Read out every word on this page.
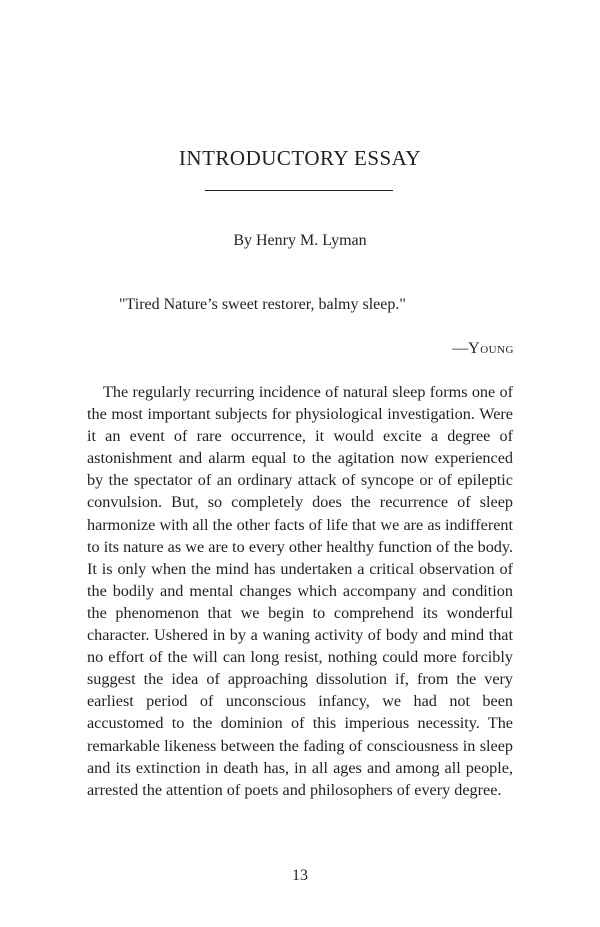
INTRODUCTORY ESSAY
By Henry M. Lyman
"Tired Nature’s sweet restorer, balmy sleep."
—Young
The regularly recurring incidence of natural sleep forms one of the most important subjects for physiological investigation. Were it an event of rare occurrence, it would excite a degree of astonishment and alarm equal to the agitation now experienced by the spectator of an ordinary attack of syncope or of epileptic convulsion. But, so completely does the recurrence of sleep harmonize with all the other facts of life that we are as indifferent to its nature as we are to every other healthy function of the body. It is only when the mind has undertaken a critical observation of the bodily and mental changes which accompany and condition the phenomenon that we begin to comprehend its wonderful character. Ushered in by a waning activity of body and mind that no effort of the will can long resist, nothing could more forcibly suggest the idea of approaching dissolution if, from the very earliest period of unconscious infancy, we had not been accustomed to the dominion of this imperious necessity. The remarkable likeness between the fading of consciousness in sleep and its extinction in death has, in all ages and among all people, arrested the attention of poets and philosophers of every degree.
13
